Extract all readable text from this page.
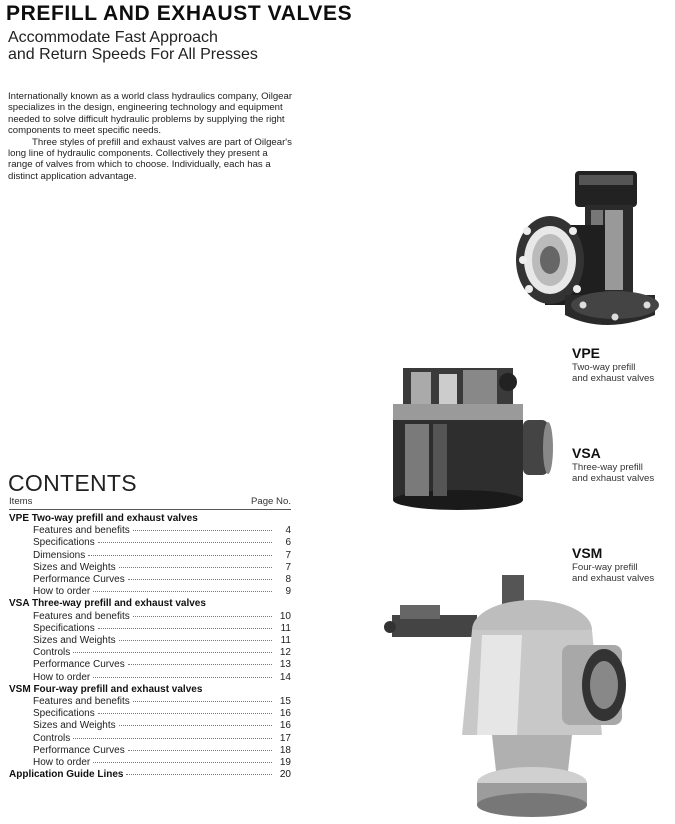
PREFILL AND EXHAUST VALVES
Accommodate Fast Approach
and Return Speeds For All Presses

Internationally known as a world class hydraulics company, Oilgear specializes in the design, engineering technology and equipment needed to solve difficult hydraulic problems by supplying the right components to meet specific needs.

Three styles of prefill and exhaust valves are part of Oilgear's long line of hydraulic components. Collectively they present a range of valves from which to choose. Individually, each has a distinct application advantage.

VPE
Two-way prefill
and exhaust valves
VSA
Three-way prefill
and exhaust valves
VSM
Four-way prefill
and exhaust valves
CONTENTS
Items	Page No.
VPE Two-way prefill and exhaust valves
Features and benefits	4
Specifications	6
Dimensions	7
Sizes and Weights	7
Performance Curves	8
How to order	9
VSA Three-way prefill and exhaust valves
Features and benefits	10
Specifications	11
Sizes and Weights	11
Controls	12
Performance Curves	13
How to order	14
VSM Four-way prefill and exhaust valves
Features and benefits	15
Specifications	16
Sizes and Weights	16
Controls	17
Performance Curves	18
How to order	19
Application Guide Lines	20
